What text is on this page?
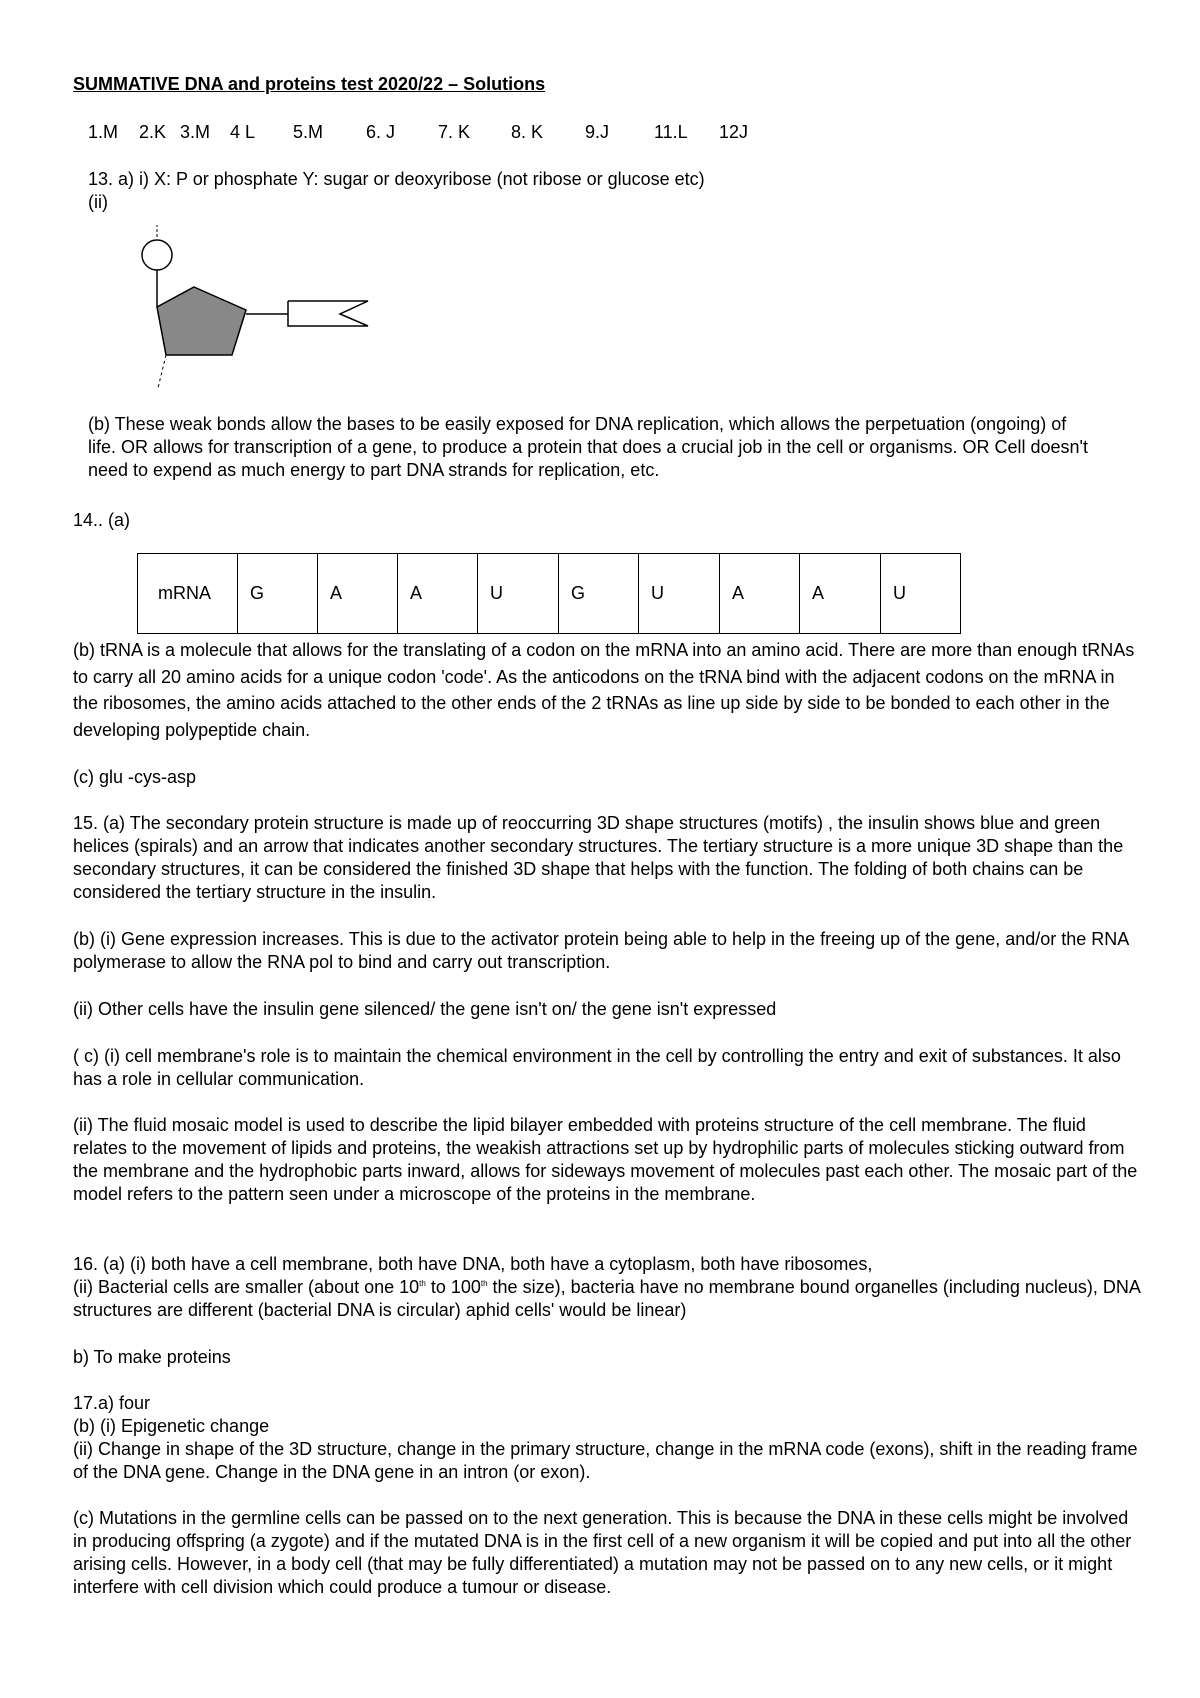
SUMMATIVE DNA and proteins test 2020/22 – Solutions
1.M 2.K 3.M 4 L 5.M 6. J 7. K 8. K 9.J 11.L 12J
13. a) i) X: P or phosphate Y: sugar or deoxyribose (not ribose or glucose etc)
(ii)
(b) These weak bonds allow the bases to be easily exposed for DNA replication, which allows the perpetuation (ongoing) of life. OR allows for transcription of a gene, to produce a protein that does a crucial job in the cell or organisms. OR Cell doesn't need to expend as much energy to part DNA strands for replication, etc.
14.. (a)
mRNA	G	A	A	U	G	U	A	A	U
(b) tRNA is a molecule that allows for the translating of a codon on the mRNA into an amino acid. There are more than enough tRNAs to carry all 20 amino acids for a unique codon 'code'. As the anticodons on the tRNA bind with the adjacent codons on the mRNA in the ribosomes, the amino acids attached to the other ends of the 2 tRNAs as line up side by side to be bonded to each other in the developing polypeptide chain.
(c) glu -cys-asp
15. (a) The secondary protein structure is made up of reoccurring 3D shape structures (motifs) , the insulin shows blue and green helices (spirals) and an arrow that indicates another secondary structures. The tertiary structure is a more unique 3D shape than the secondary structures, it can be considered the finished 3D shape that helps with the function. The folding of both chains can be considered the tertiary structure in the insulin.
(b) (i) Gene expression increases. This is due to the activator protein being able to help in the freeing up of the gene, and/or the RNA polymerase to allow the RNA pol to bind and carry out transcription.
(ii) Other cells have the insulin gene silenced/ the gene isn't on/ the gene isn't expressed
( c) (i) cell membrane's role is to maintain the chemical environment in the cell by controlling the entry and exit of substances. It also has a role in cellular communication.
(ii) The fluid mosaic model is used to describe the lipid bilayer embedded with proteins structure of the cell membrane. The fluid relates to the movement of lipids and proteins, the weakish attractions set up by hydrophilic parts of molecules sticking outward from the membrane and the hydrophobic parts inward, allows for sideways movement of molecules past each other. The mosaic part of the model refers to the pattern seen under a microscope of the proteins in the membrane.
16. (a) (i) both have a cell membrane, both have DNA, both have a cytoplasm, both have ribosomes,
(ii) Bacterial cells are smaller (about one 10th to 100th the size), bacteria have no membrane bound organelles (including nucleus), DNA structures are different (bacterial DNA is circular) aphid cells' would be linear)
b) To make proteins
17.a) four
(b) (i) Epigenetic change
(ii) Change in shape of the 3D structure, change in the primary structure, change in the mRNA code (exons), shift in the reading frame of the DNA gene. Change in the DNA gene in an intron (or exon).
(c) Mutations in the germline cells can be passed on to the next generation. This is because the DNA in these cells might be involved in producing offspring (a zygote) and if the mutated DNA is in the first cell of a new organism it will be copied and put into all the other arising cells. However, in a body cell (that may be fully differentiated) a mutation may not be passed on to any new cells, or it might interfere with cell division which could produce a tumour or disease.
